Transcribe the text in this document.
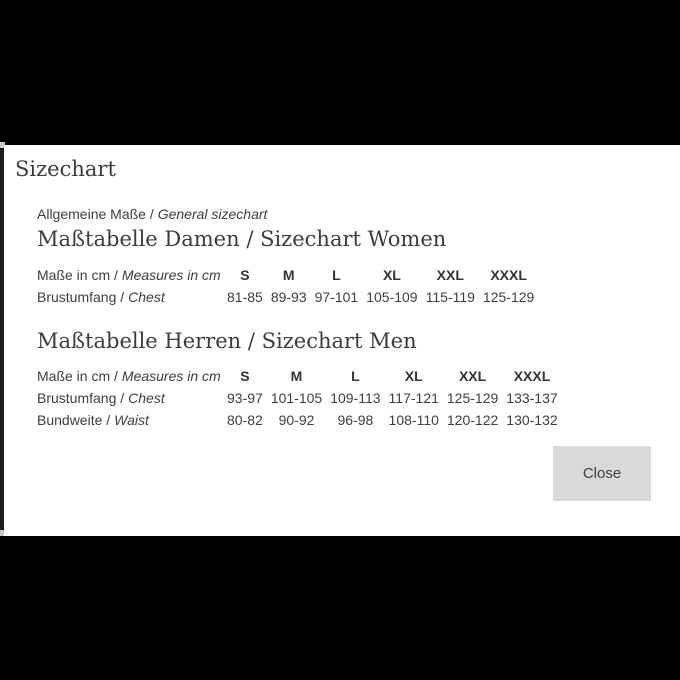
Sizechart
Allgemeine Maße / General sizechart
Maßtabelle Damen / Sizechart Women
Maße in cm / Measures in cm	S	M	L	XL	XXL	XXXL
Brustumfang / Chest	81-85	89-93	97-101	105-109	115-119	125-129
Maßtabelle Herren / Sizechart Men
Maße in cm / Measures in cm	S	M	L	XL	XXL	XXXL
Brustumfang / Chest	93-97	101-105	109-113	117-121	125-129	133-137
Bundweite / Waist	80-82	90-92	96-98	108-110	120-122	130-132
Close
